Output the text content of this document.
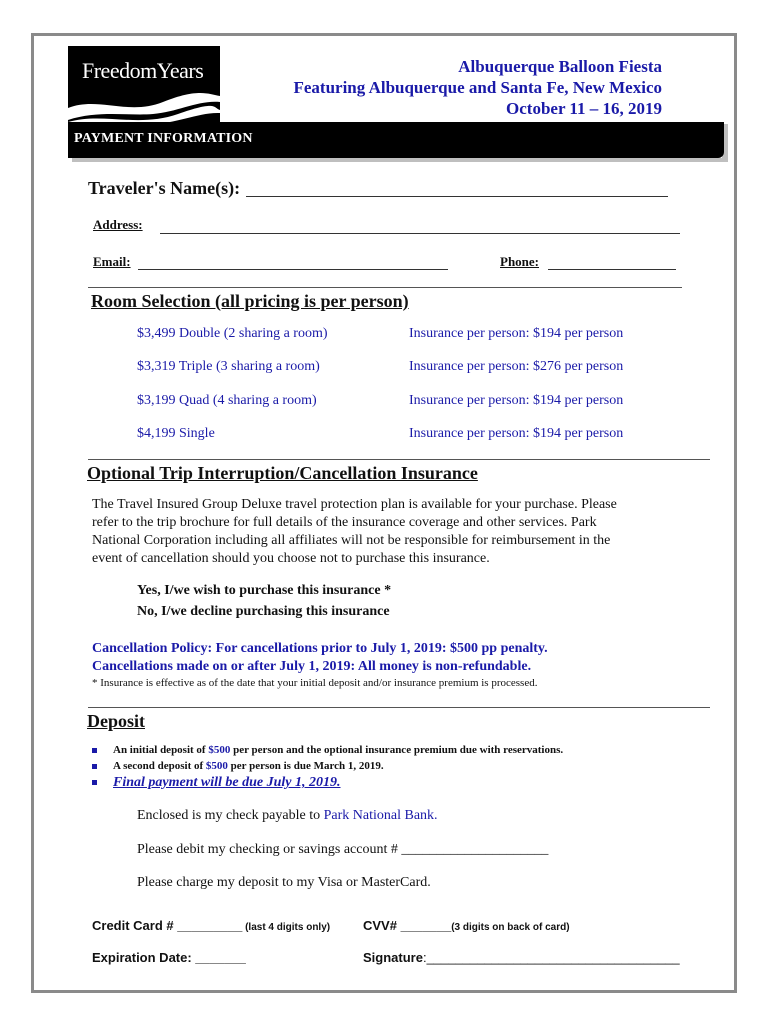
FreedomYears	Albuquerque Balloon Fiesta
Featuring Albuquerque and Santa Fe, New Mexico
October 11 – 16, 2019
PAYMENT INFORMATION
Traveler's Name(s):
Address:
Email:	Phone:
Room Selection (all pricing is per person)
$3,499 Double (2 sharing a room)	Insurance per person: $194 per person
$3,319 Triple (3 sharing a room)	Insurance per person: $276 per person
$3,199 Quad (4 sharing a room)	Insurance per person: $194 per person
$4,199 Single	Insurance per person: $194 per person
Optional Trip Interruption/Cancellation Insurance
The Travel Insured Group Deluxe travel protection plan is available for your purchase. Please
refer to the trip brochure for full details of the insurance coverage and other services. Park
National Corporation including all affiliates will not be responsible for reimbursement in the
event of cancellation should you choose not to purchase this insurance.
Yes, I/we wish to purchase this insurance *
No, I/we decline purchasing this insurance
Cancellation Policy: For cancellations prior to July 1, 2019: $500 pp penalty.
Cancellations made on or after July 1, 2019: All money is non-refundable.
* Insurance is effective as of the date that your initial deposit and/or insurance premium is processed.
Deposit
An initial deposit of $500 per person and the optional insurance premium due with reservations.
A second deposit of $500 per person is due March 1, 2019.
Final payment will be due July 1, 2019.
Enclosed is my check payable to Park National Bank.
Please debit my checking or savings account # _____________________
Please charge my deposit to my Visa or MasterCard.
Credit Card # _________ (last 4 digits only)	CVV# _______(3 digits on back of card)
Expiration Date: _______	Signature:___________________________________
